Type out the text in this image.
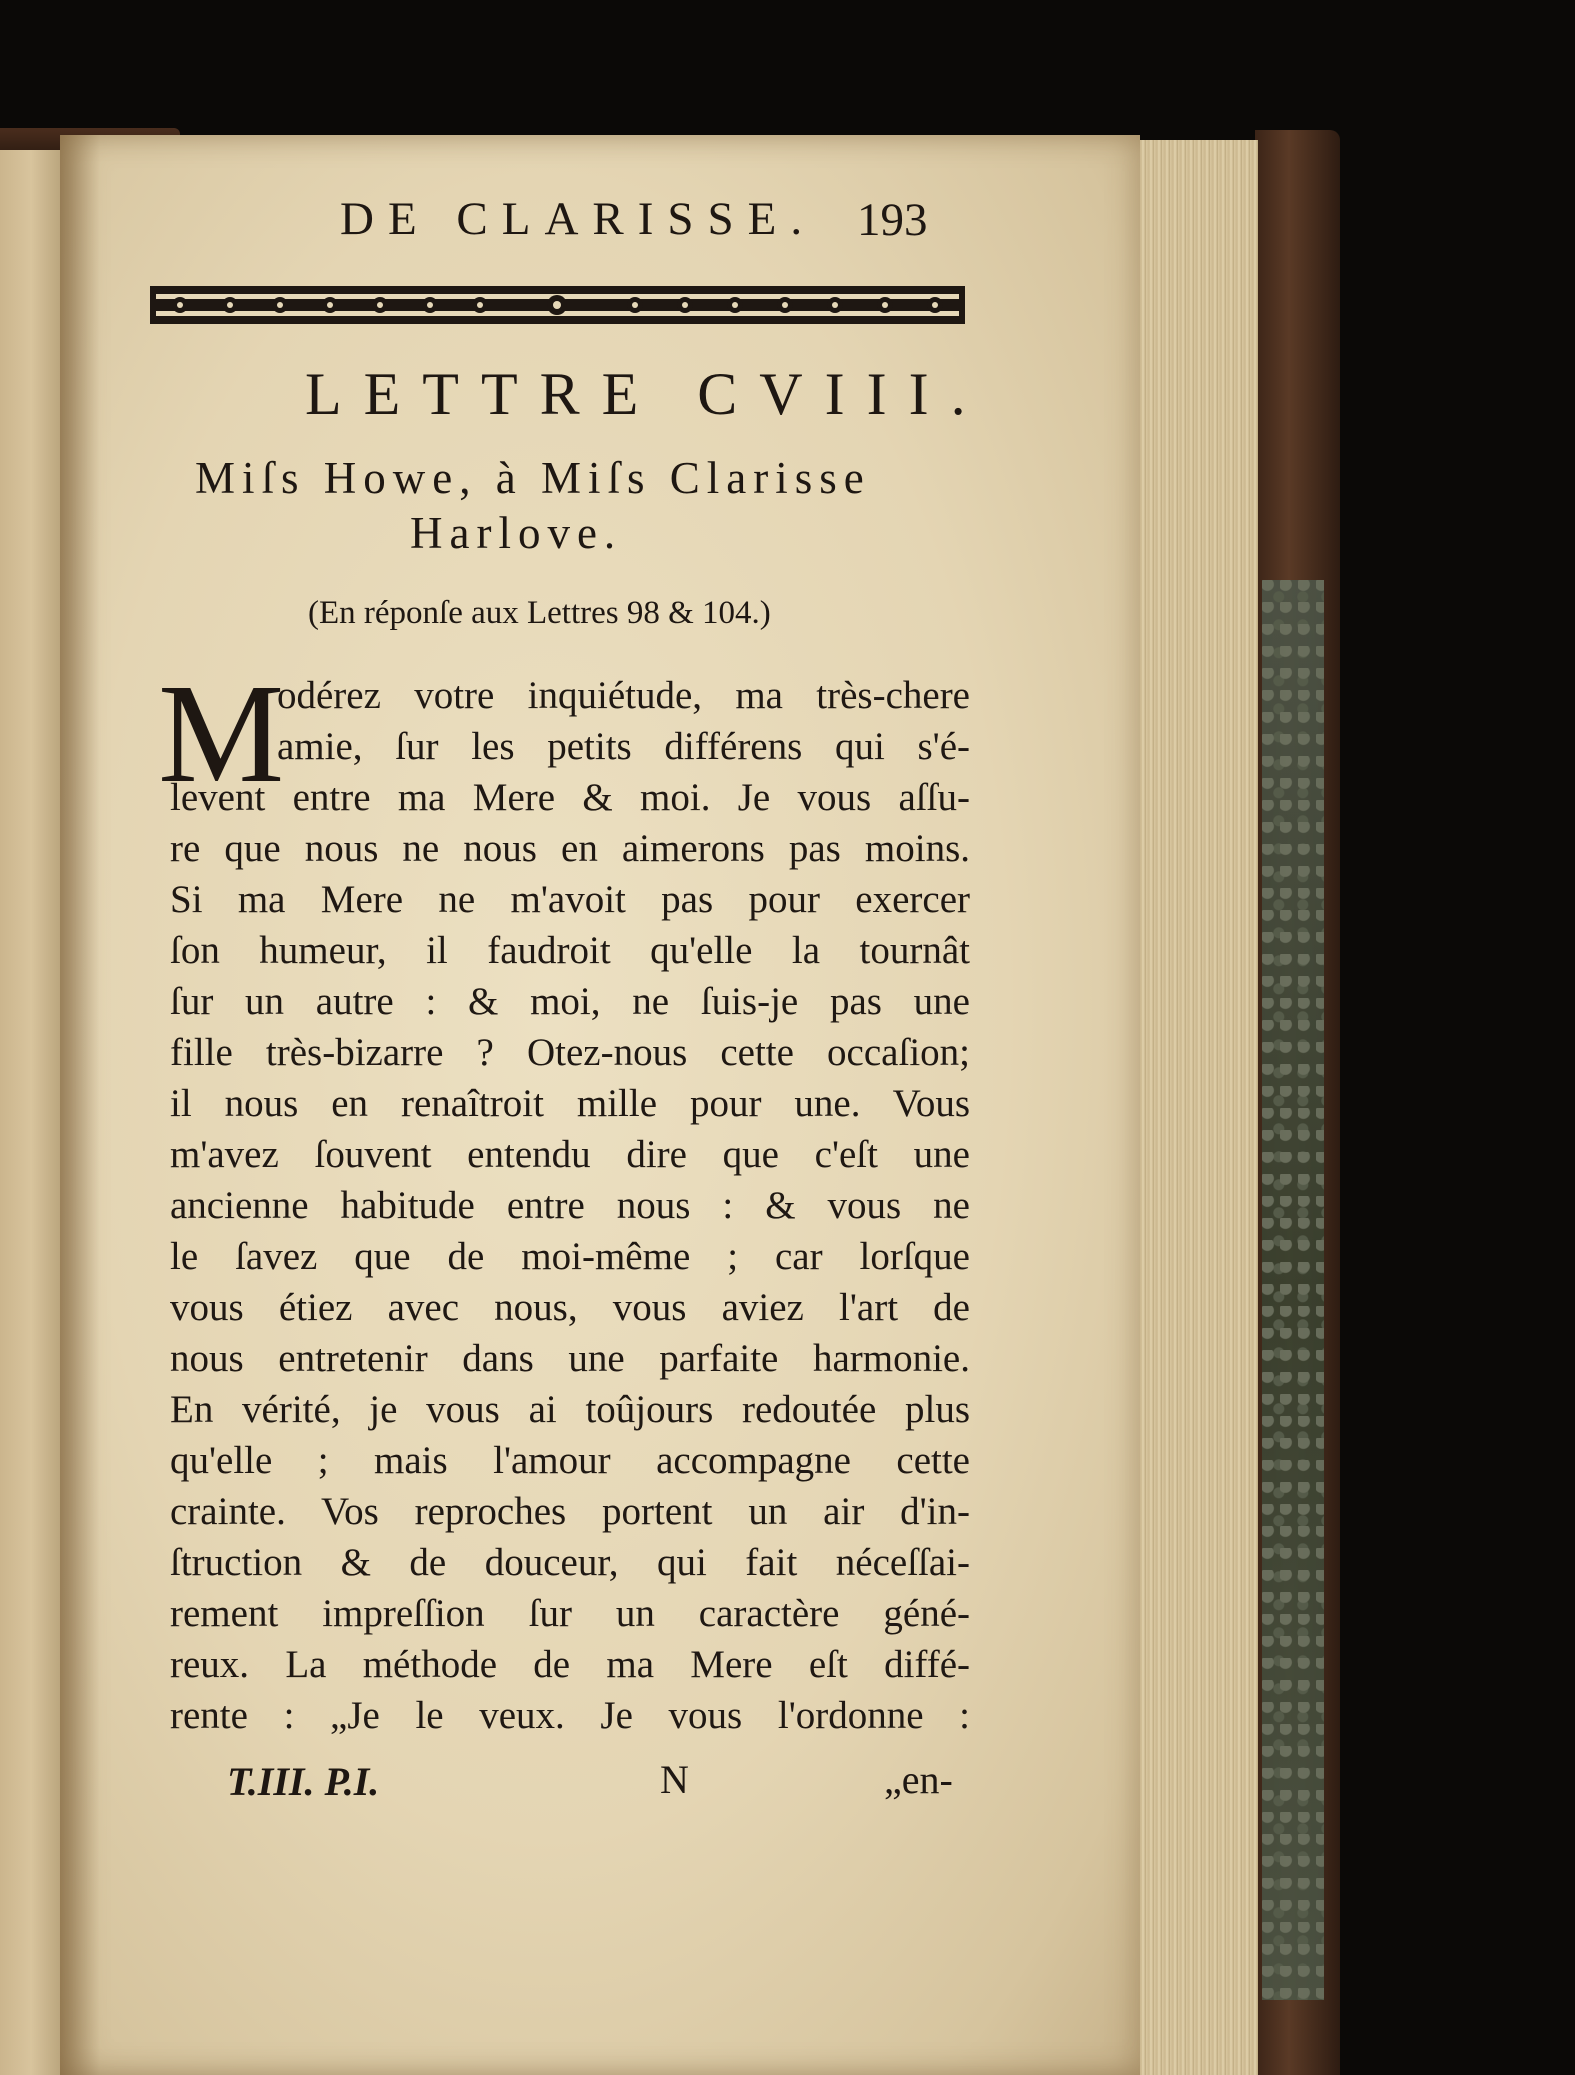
DE CLARISSE. 193
LETTRE CVIII.
Miſs Howe, à Miſs Clarisse
Harlove.
(En réponſe aux Lettres 98 & 104.)
M
odérez votre inquiétude, ma très-chere
amie, ſur les petits différens qui s'é-
levent entre ma Mere & moi. Je vous aſſu-
re que nous ne nous en aimerons pas moins.
Si ma Mere ne m'avoit pas pour exercer
ſon humeur, il faudroit qu'elle la tournât
ſur un autre : & moi, ne ſuis-je pas une
fille très-bizarre ? Otez-nous cette occaſion;
il nous en renaîtroit mille pour une. Vous
m'avez ſouvent entendu dire que c'eſt une
ancienne habitude entre nous : & vous ne
le ſavez que de moi-même ; car lorſque
vous étiez avec nous, vous aviez l'art de
nous entretenir dans une parfaite harmonie.
En vérité, je vous ai toûjours redoutée plus
qu'elle ; mais l'amour accompagne cette
crainte. Vos reproches portent un air d'in-
ſtruction & de douceur, qui fait néceſſai-
rement impreſſion ſur un caractère géné-
reux. La méthode de ma Mere eſt diffé-
rente : „Je le veux. Je vous l'ordonne :
T.III. P.I.	N	„en-
